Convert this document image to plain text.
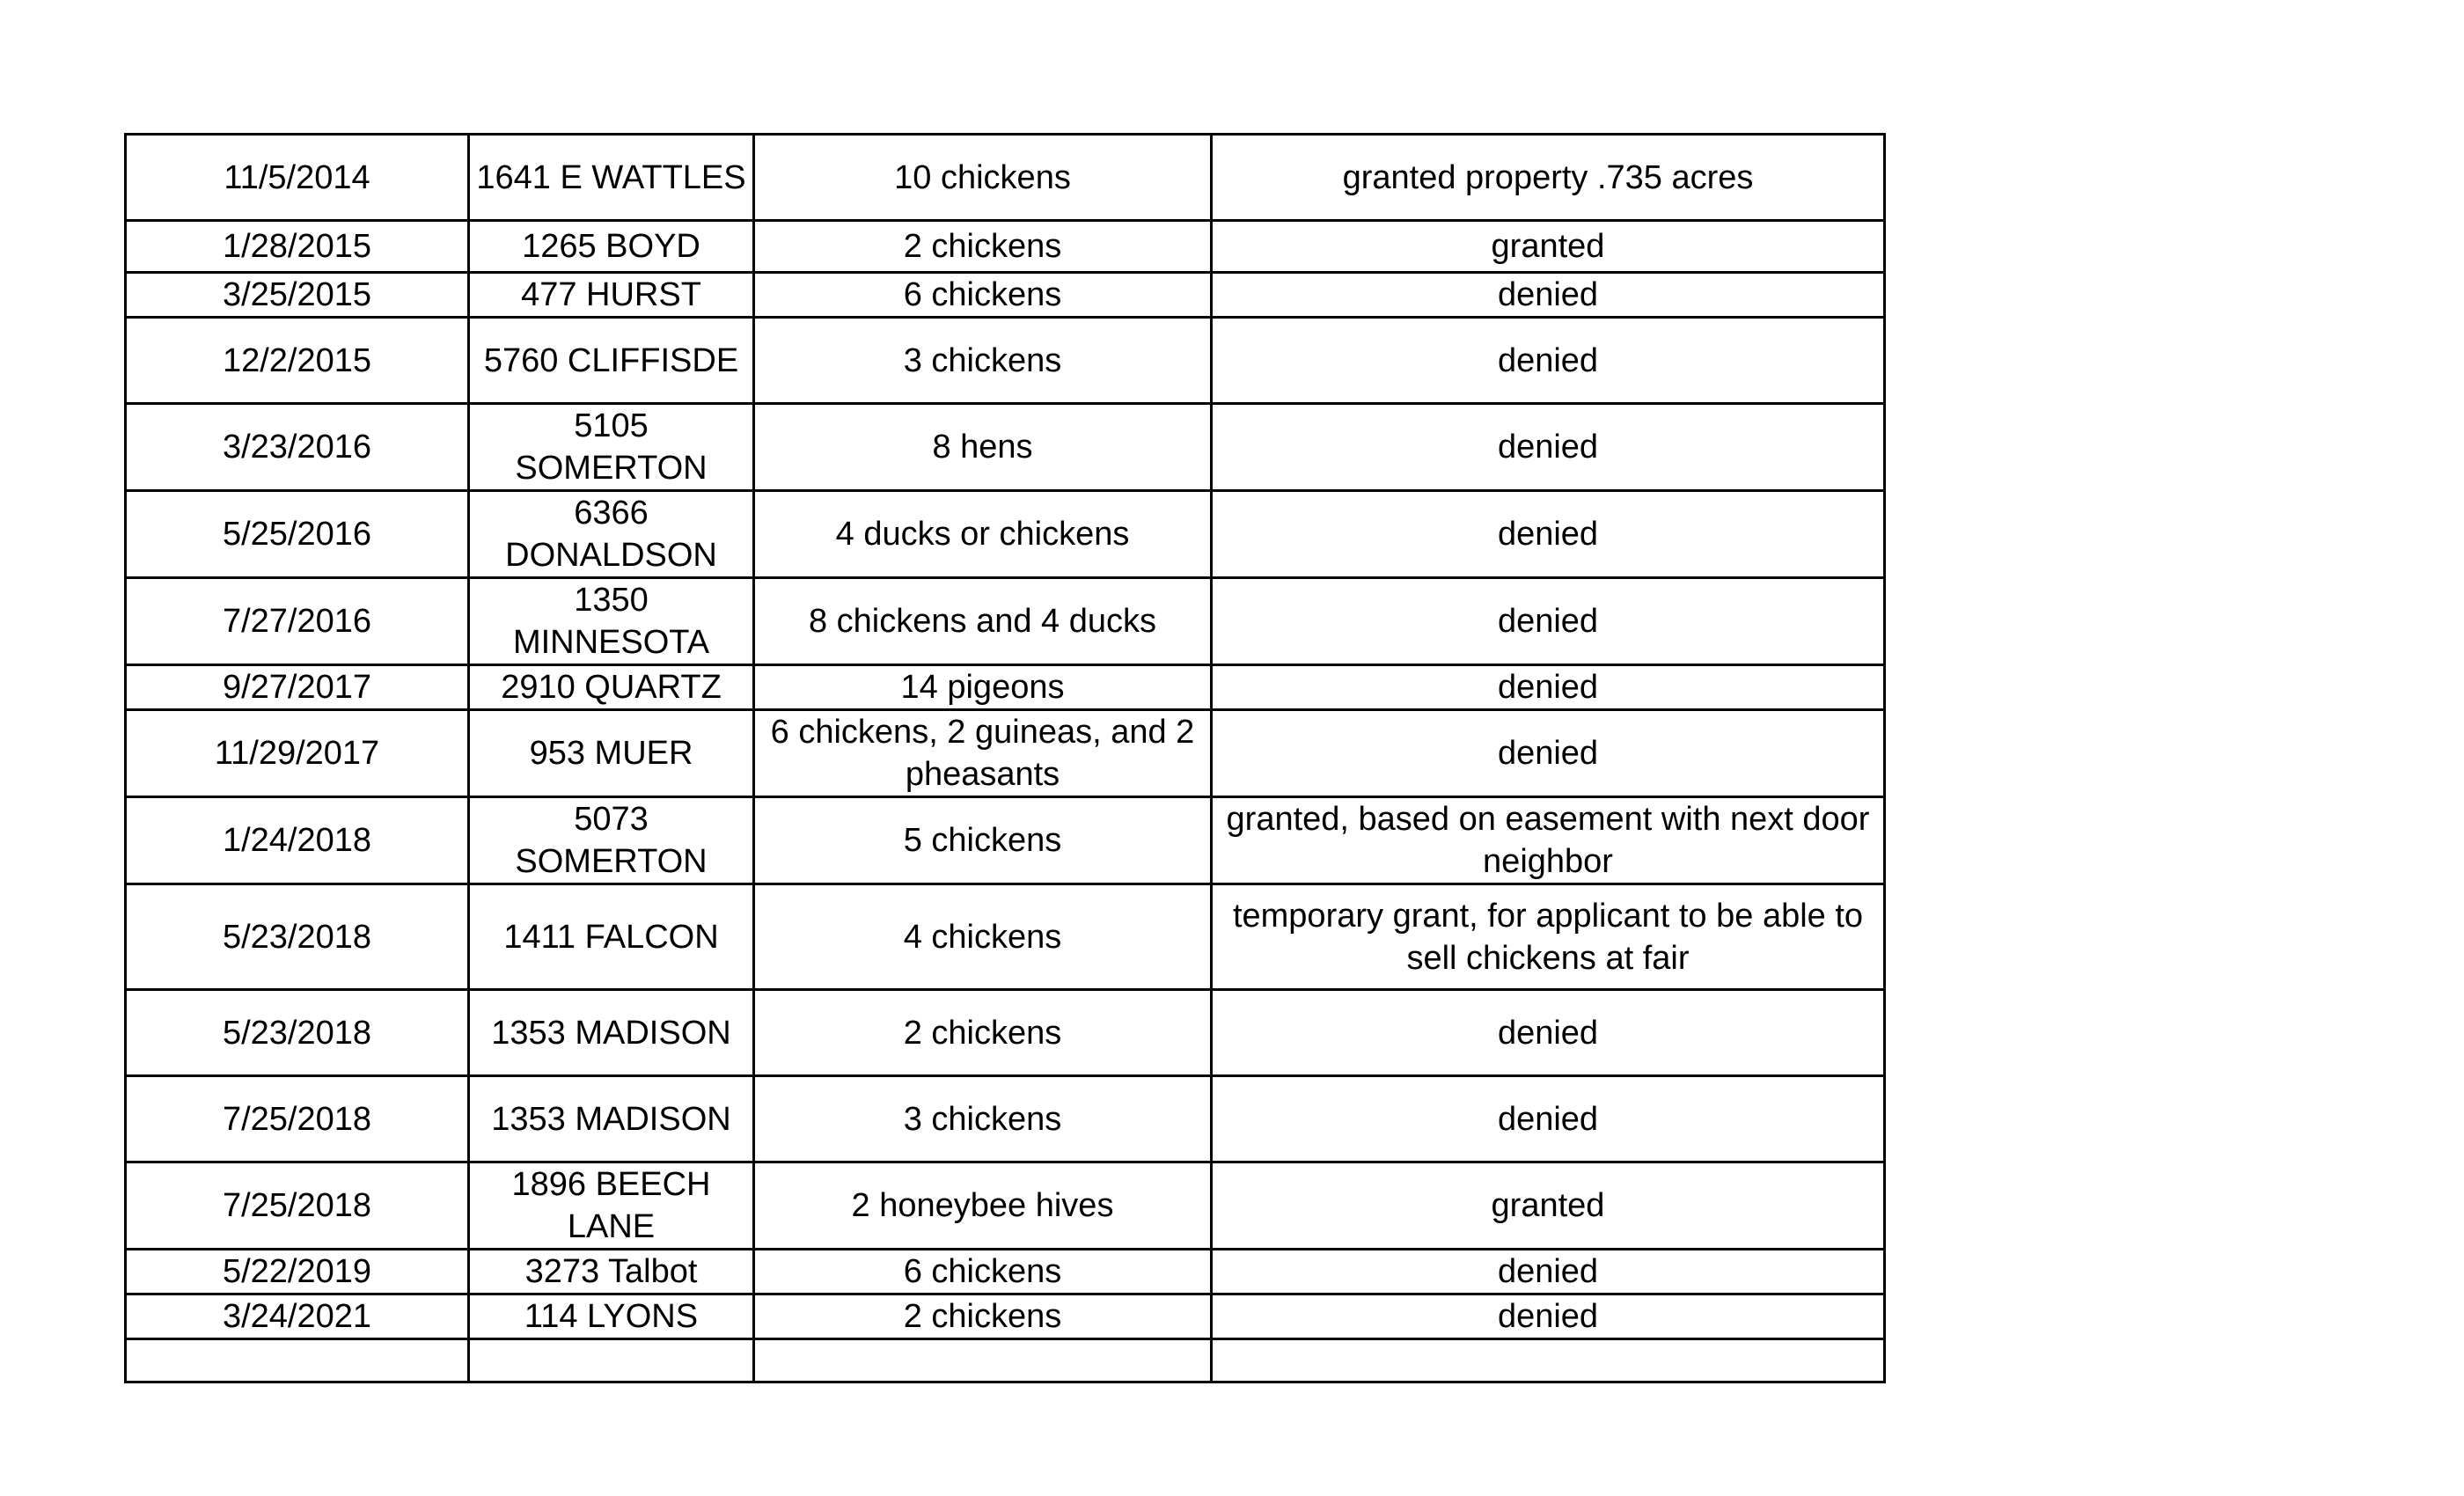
11/5/2014	1641 E WATTLES	10 chickens	granted property .735 acres
1/28/2015	1265 BOYD	2 chickens	granted
3/25/2015	477 HURST	6 chickens	denied
12/2/2015	5760 CLIFFISDE	3 chickens	denied
3/23/2016	5105 SOMERTON	8 hens	denied
5/25/2016	6366 DONALDSON	4 ducks or chickens	denied
7/27/2016	1350 MINNESOTA	8 chickens and 4 ducks	denied
9/27/2017	2910 QUARTZ	14 pigeons	denied
11/29/2017	953 MUER	6 chickens, 2 guineas, and 2 pheasants	denied
1/24/2018	5073 SOMERTON	5 chickens	granted, based on easement with next door neighbor
5/23/2018	1411 FALCON	4 chickens	temporary grant, for applicant to be able to sell chickens at fair
5/23/2018	1353 MADISON	2 chickens	denied
7/25/2018	1353 MADISON	3 chickens	denied
7/25/2018	1896 BEECH LANE	2 honeybee hives	granted
5/22/2019	3273 Talbot	6 chickens	denied
3/24/2021	114 LYONS	2 chickens	denied
